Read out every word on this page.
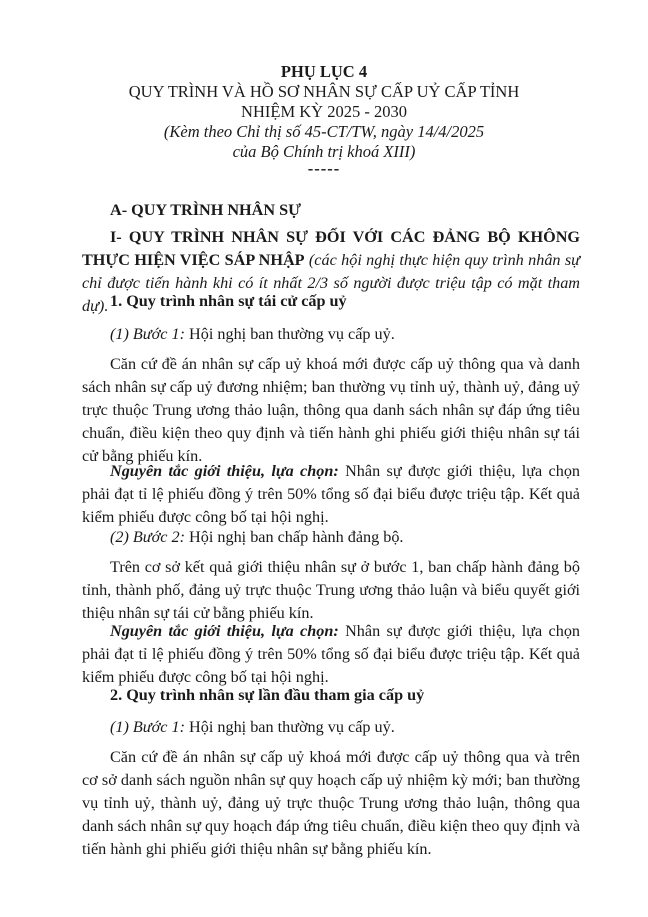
PHỤ LỤC 4
QUY TRÌNH VÀ HỒ SƠ NHÂN SỰ CẤP UỶ CẤP TỈNH
NHIỆM KỲ 2025 - 2030
(Kèm theo Chỉ thị số 45-CT/TW, ngày 14/4/2025
của Bộ Chính trị khoá XIII)
-----
A- QUY TRÌNH NHÂN SỰ
I- QUY TRÌNH NHÂN SỰ ĐỐI VỚI CÁC ĐẢNG BỘ KHÔNG THỰC HIỆN VIỆC SÁP NHẬP (các hội nghị thực hiện quy trình nhân sự chỉ được tiến hành khi có ít nhất 2/3 số người được triệu tập có mặt tham dự). 1. Quy trình nhân sự tái cử cấp uỷ
(1) Bước 1: Hội nghị ban thường vụ cấp uỷ.
Căn cứ đề án nhân sự cấp uỷ khoá mới được cấp uỷ thông qua và danh sách nhân sự cấp uỷ đương nhiệm; ban thường vụ tỉnh uỷ, thành uỷ, đảng uỷ trực thuộc Trung ương thảo luận, thông qua danh sách nhân sự đáp ứng tiêu chuẩn, điều kiện theo quy định và tiến hành ghi phiếu giới thiệu nhân sự tái cử bằng phiếu kín.
Nguyên tắc giới thiệu, lựa chọn: Nhân sự được giới thiệu, lựa chọn phải đạt tỉ lệ phiếu đồng ý trên 50% tổng số đại biểu được triệu tập. Kết quả kiểm phiếu được công bố tại hội nghị.
(2) Bước 2: Hội nghị ban chấp hành đảng bộ.
Trên cơ sở kết quả giới thiệu nhân sự ở bước 1, ban chấp hành đảng bộ tỉnh, thành phố, đảng uỷ trực thuộc Trung ương thảo luận và biểu quyết giới thiệu nhân sự tái cử bằng phiếu kín.
Nguyên tắc giới thiệu, lựa chọn: Nhân sự được giới thiệu, lựa chọn phải đạt tỉ lệ phiếu đồng ý trên 50% tổng số đại biểu được triệu tập. Kết quả kiểm phiếu được công bố tại hội nghị.
2. Quy trình nhân sự lần đầu tham gia cấp uỷ
(1) Bước 1: Hội nghị ban thường vụ cấp uỷ.
Căn cứ đề án nhân sự cấp uỷ khoá mới được cấp uỷ thông qua và trên cơ sở danh sách nguồn nhân sự quy hoạch cấp uỷ nhiệm kỳ mới; ban thường vụ tỉnh uỷ, thành uỷ, đảng uỷ trực thuộc Trung ương thảo luận, thông qua danh sách nhân sự quy hoạch đáp ứng tiêu chuẩn, điều kiện theo quy định và tiến hành ghi phiếu giới thiệu nhân sự bằng phiếu kín.
